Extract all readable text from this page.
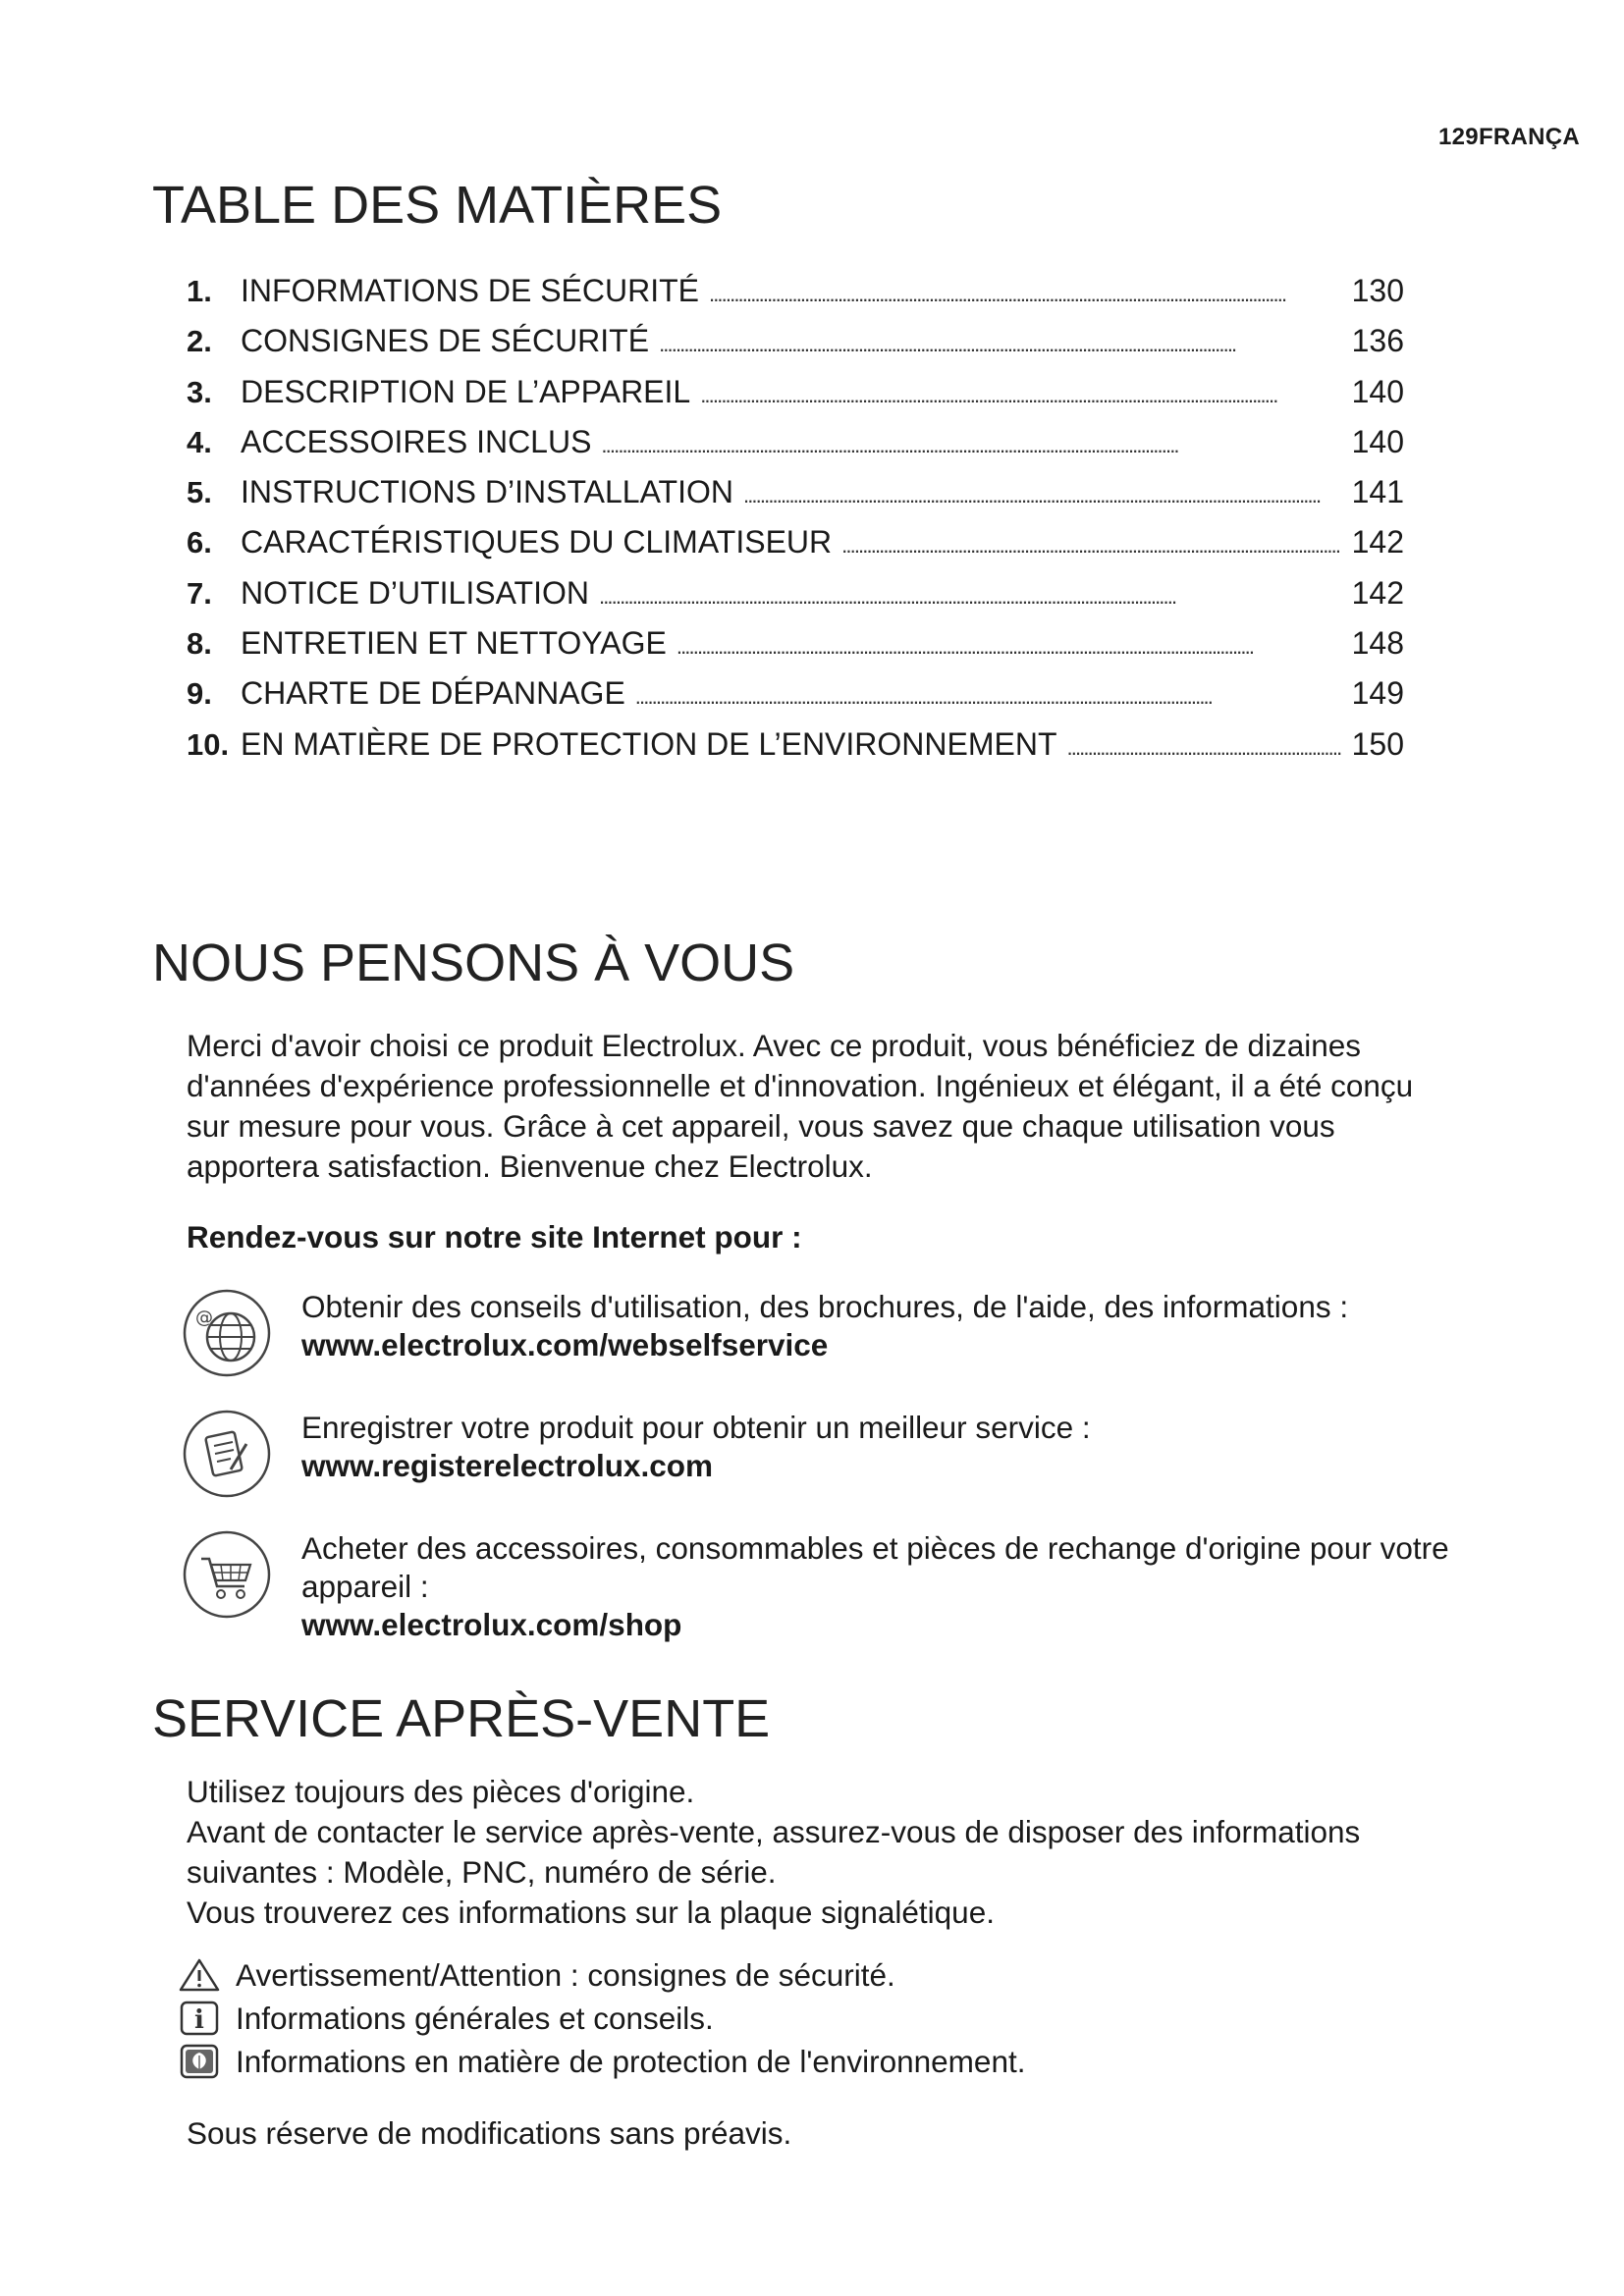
129FRANÇA
TABLE DES MATIÈRES
1. INFORMATIONS DE SÉCURITÉ . . .	130
2. CONSIGNES DE SÉCURITÉ . . .	136
3. DESCRIPTION DE L’APPAREIL . . .	140
4. ACCESSOIRES INCLUS . . .	140
5. INSTRUCTIONS D’INSTALLATION . . .	141
6. CARACTÉRISTIQUES DU CLIMATISEUR . . .	142
7. NOTICE D’UTILISATION . . .	142
8. ENTRETIEN ET NETTOYAGE . . .	148
9. CHARTE DE DÉPANNAGE . . .	149
10. EN MATIÈRE DE PROTECTION DE L’ENVIRONNEMENT . . .	150
NOUS PENSONS À VOUS

Merci d'avoir choisi ce produit Electrolux. Avec ce produit, vous bénéficiez de dizaines d'années d'expérience professionnelle et d'innovation. Ingénieux et élégant, il a été conçu sur mesure pour vous. Grâce à cet appareil, vous savez que chaque utilisation vous apportera satisfaction. Bienvenue chez Electrolux.

Rendez-vous sur notre site Internet pour :

@	Obtenir des conseils d'utilisation, des brochures, de l'aide, des informations :
www.electrolux.com/webselfservice
Enregistrer votre produit pour obtenir un meilleur service :
www.registerelectrolux.com
Acheter des accessoires, consommables et pièces de rechange d'origine pour votre appareil :
www.electrolux.com/shop
SERVICE APRÈS-VENTE
Utilisez toujours des pièces d'origine.
Avant de contacter le service après-vente, assurez-vous de disposer des informations
suivantes : Modèle, PNC, numéro de série.
Vous trouverez ces informations sur la plaque signalétique.
Avertissement/Attention : consignes de sécurité.
i Informations générales et conseils.
Informations en matière de protection de l'environnement.

Sous réserve de modifications sans préavis.
